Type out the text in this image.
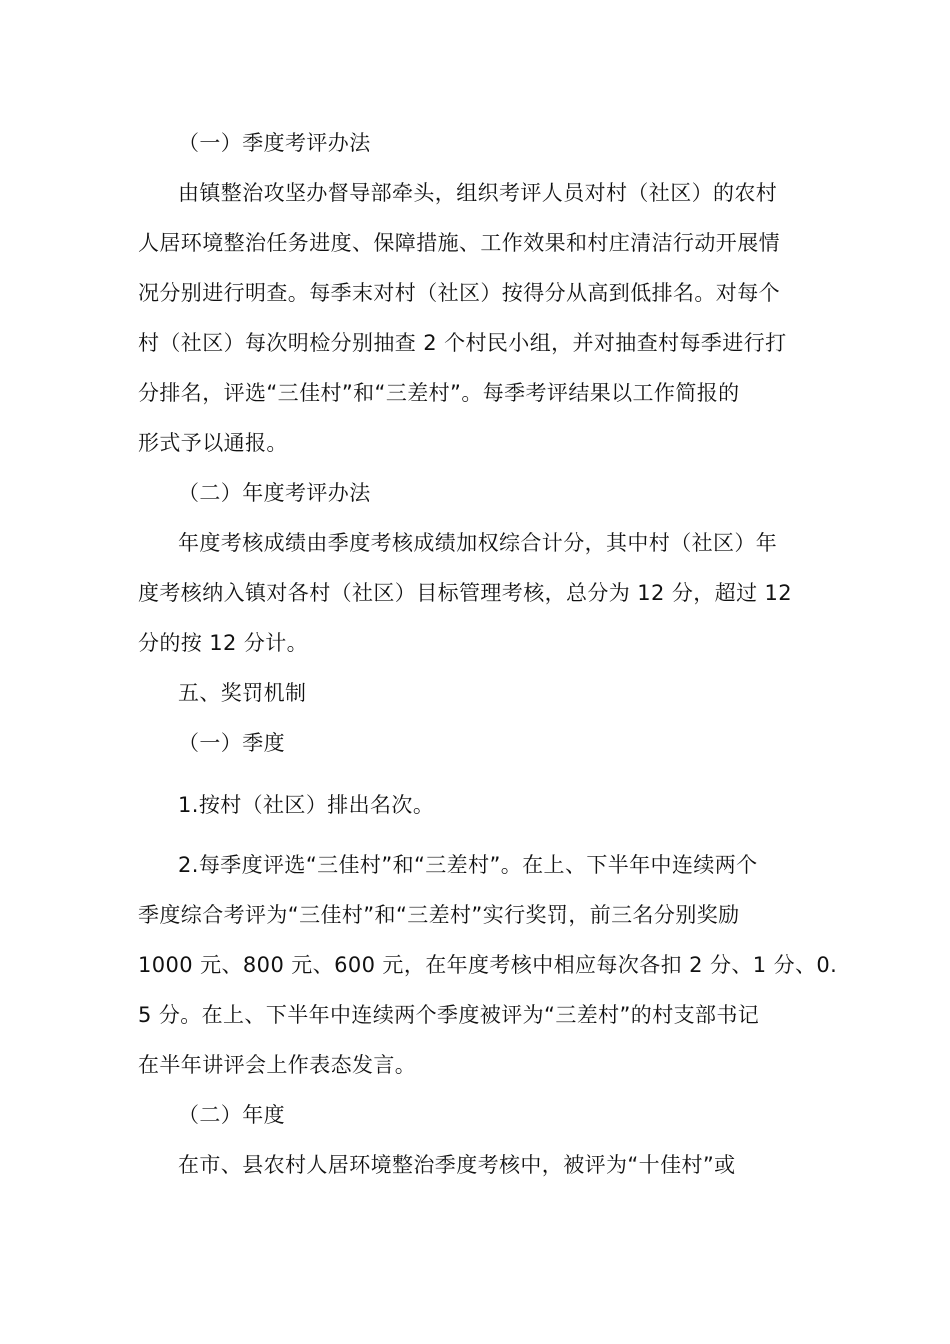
（一）季度考评办法

由镇整治攻坚办督导部牵头，组织考评人员对村（社区）的农村

人居环境整治任务进度、保障措施、工作效果和村庄清洁行动开展情

况分别进行明查。每季末对村（社区）按得分从高到低排名。对每个

村（社区）每次明检分别抽查 2 个村民小组，并对抽查村每季进行打

分排名，评选“三佳村”和“三差村”。每季考评结果以工作简报的

形式予以通报。

（二）年度考评办法

年度考核成绩由季度考核成绩加权综合计分，其中村（社区）年

度考核纳入镇对各村（社区）目标管理考核，总分为 12 分，超过 12

分的按 12 分计。

五、奖罚机制

（一）季度

1.按村（社区）排出名次。

2.每季度评选“三佳村”和“三差村”。在上、下半年中连续两个

季度综合考评为“三佳村”和“三差村”实行奖罚，前三名分别奖励

1000 元、800 元、600 元，在年度考核中相应每次各扣 2 分、1 分、0.

5 分。在上、下半年中连续两个季度被评为“三差村”的村支部书记

在半年讲评会上作表态发言。

（二）年度

在市、县农村人居环境整治季度考核中，被评为“十佳村”或
